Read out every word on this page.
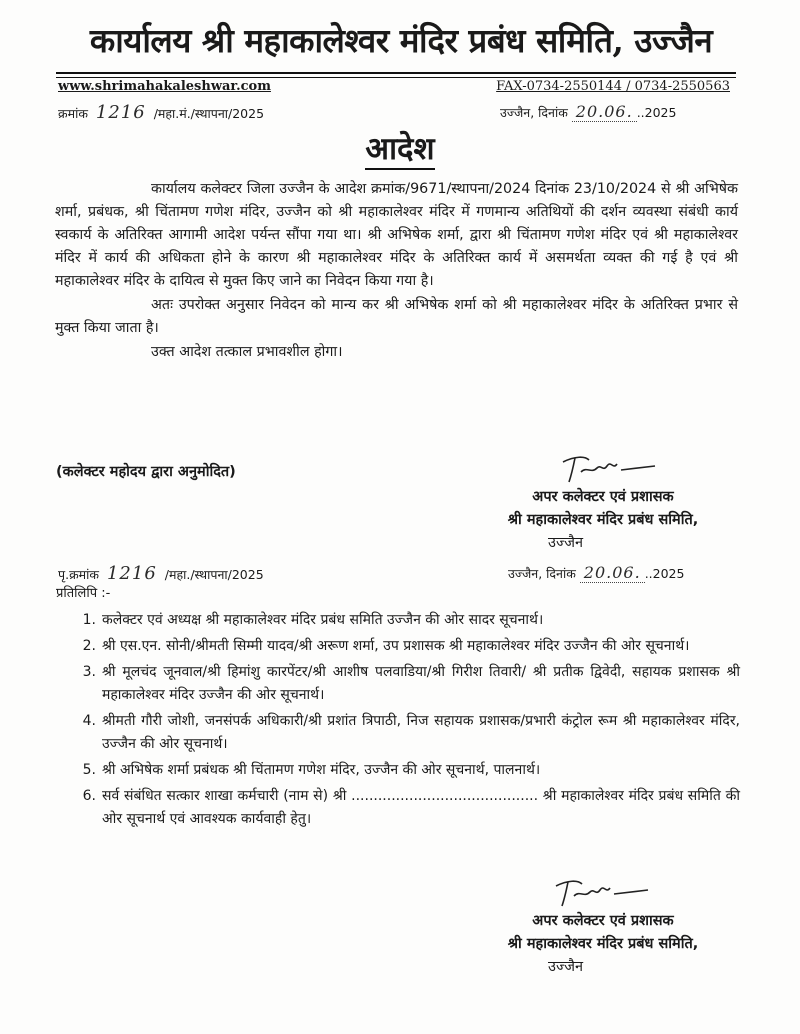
कार्यालय श्री महाकालेश्वर मंदिर प्रबंध समिति, उज्जैन
www.shrimahakaleshwar.com	FAX-0734-2550144 / 0734-2550563
क्रमांक 1216 /महा.मं./स्थापना/2025	उज्जैन, दिनांक 20.06. ..2025
आदेश

कार्यालय कलेक्टर जिला उज्जैन के आदेश क्रमांक/9671/स्थापना/2024 दिनांक 23/10/2024 से श्री अभिषेक शर्मा, प्रबंधक, श्री चिंतामण गणेश मंदिर, उज्जैन को श्री महाकालेश्वर मंदिर में गणमान्य अतिथियों की दर्शन व्यवस्था संबंधी कार्य स्वकार्य के अतिरिक्त आगामी आदेश पर्यन्त सौंपा गया था। श्री अभिषेक शर्मा, द्वारा श्री चिंतामण गणेश मंदिर एवं श्री महाकालेश्वर मंदिर में कार्य की अधिकता होने के कारण श्री महाकालेश्वर मंदिर के अतिरिक्त कार्य में असमर्थता व्यक्त की गई है एवं श्री महाकालेश्वर मंदिर के दायित्व से मुक्त किए जाने का निवेदन किया गया है।

अतः उपरोक्त अनुसार निवेदन को मान्य कर श्री अभिषेक शर्मा को श्री महाकालेश्वर मंदिर के अतिरिक्त प्रभार से मुक्त किया जाता है।

उक्त आदेश तत्काल प्रभावशील होगा।

(कलेक्टर महोदय द्वारा अनुमोदित)
अपर कलेक्टर एवं प्रशासक
श्री महाकालेश्वर मंदिर प्रबंध समिति,
उज्जैन
पृ.क्रमांक 1216 /महा./स्थापना/2025	उज्जैन, दिनांक 20.06. ..2025
प्रतिलिपि :-
1. कलेक्टर एवं अध्यक्ष श्री महाकालेश्वर मंदिर प्रबंध समिति उज्जैन की ओर सादर सूचनार्थ।
2. श्री एस.एन. सोनी/श्रीमती सिम्मी यादव/श्री अरूण शर्मा, उप प्रशासक श्री महाकालेश्वर मंदिर उज्जैन की ओर सूचनार्थ।
3. श्री मूलचंद जूनवाल/श्री हिमांशु कारपेंटर/श्री आशीष पलवाडिया/श्री गिरीश तिवारी/ श्री प्रतीक द्विवेदी, सहायक प्रशासक श्री महाकालेश्वर मंदिर उज्जैन की ओर सूचनार्थ।
4. श्रीमती गौरी जोशी, जनसंपर्क अधिकारी/श्री प्रशांत त्रिपाठी, निज सहायक प्रशासक/प्रभारी कंट्रोल रूम श्री महाकालेश्वर मंदिर, उज्जैन की ओर सूचनार्थ।
5. श्री अभिषेक शर्मा प्रबंधक श्री चिंतामण गणेश मंदिर, उज्जैन की ओर सूचनार्थ, पालनार्थ।
6. सर्व संबंधित सत्कार शाखा कर्मचारी (नाम से) श्री .......................................... श्री महाकालेश्वर मंदिर प्रबंध समिति की ओर सूचनार्थ एवं आवश्यक कार्यवाही हेतु।
अपर कलेक्टर एवं प्रशासक
श्री महाकालेश्वर मंदिर प्रबंध समिति,
उज्जैन
